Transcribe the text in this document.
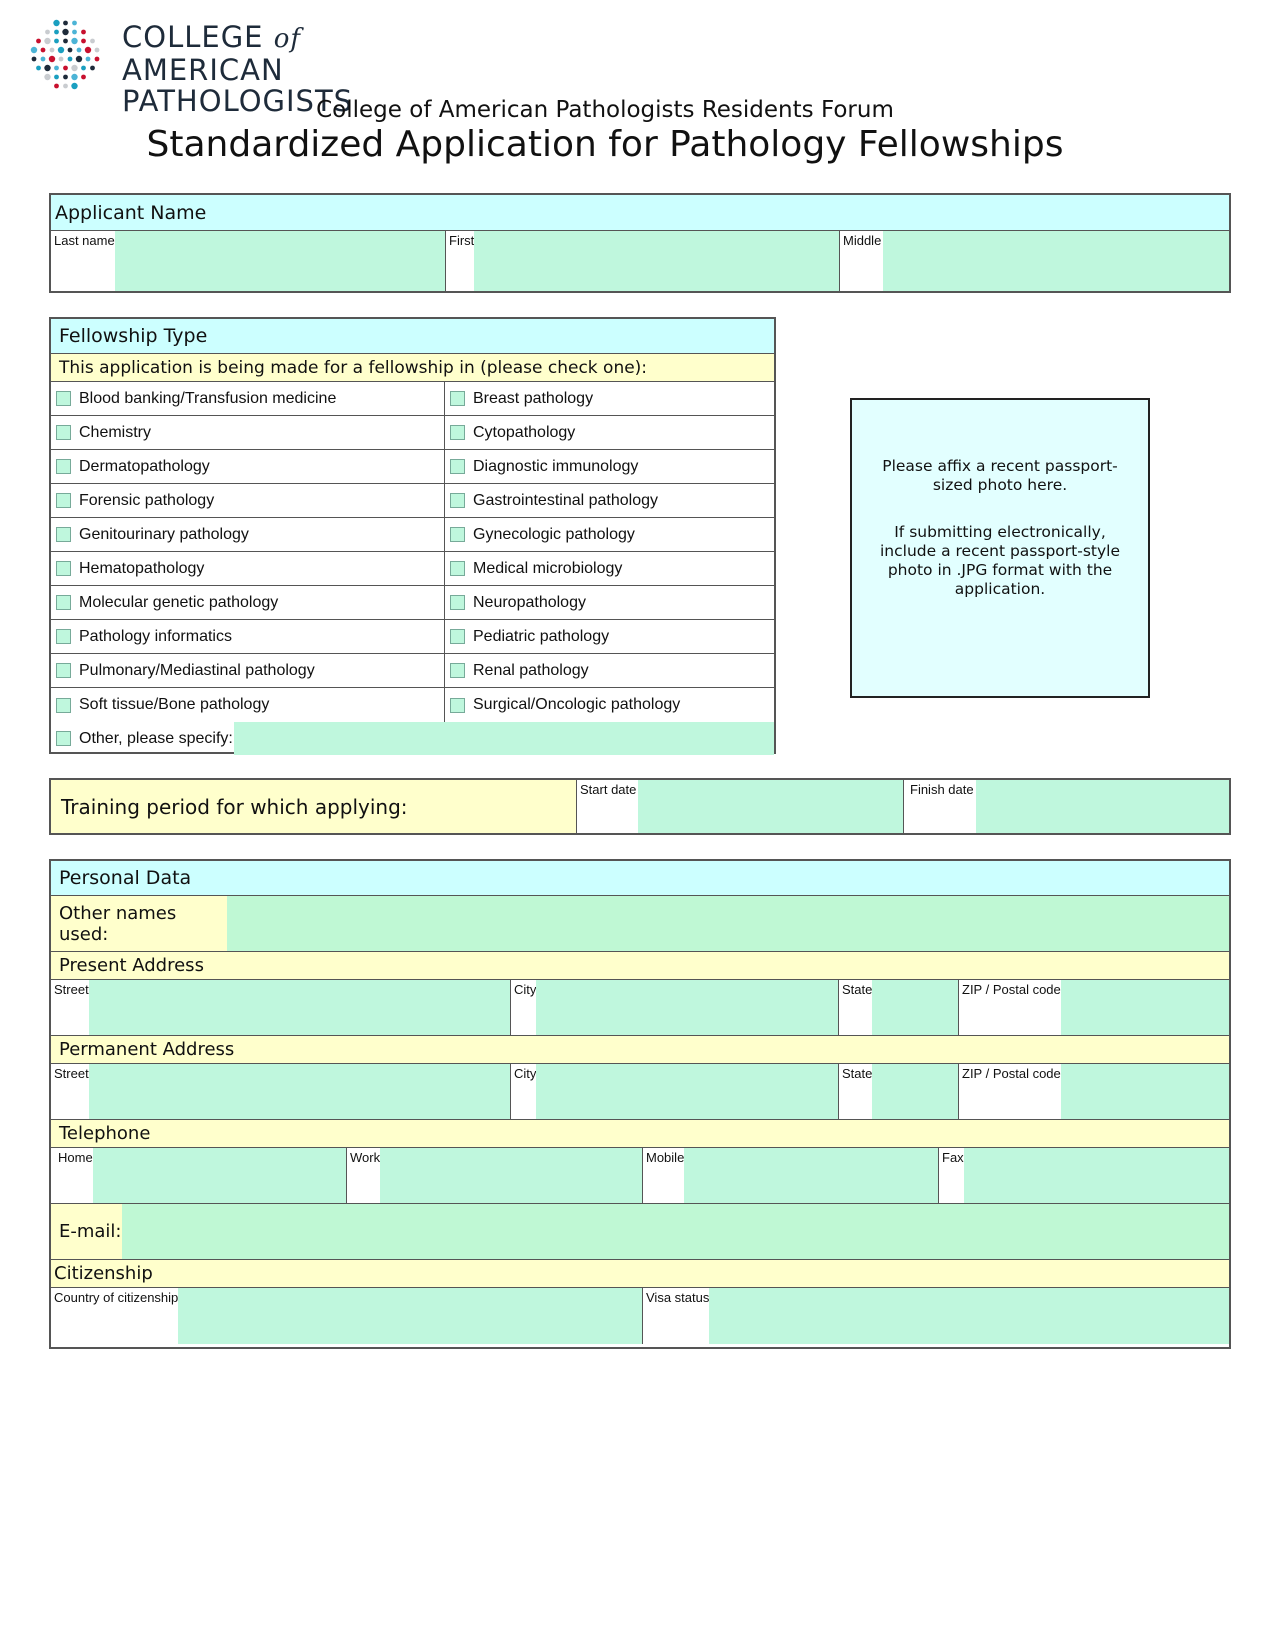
COLLEGE of AMERICAN
PATHOLOGISTS
College of American Pathologists Residents Forum
Standardized Application for Pathology Fellowships
Applicant Name
Last name	First	Middle
Fellowship Type
This application is being made for a fellowship in (please check one):
Blood banking/Transfusion medicine	Breast pathology
Chemistry	Cytopathology
Dermatopathology	Diagnostic immunology
Forensic pathology	Gastrointestinal pathology
Genitourinary pathology	Gynecologic pathology
Hematopathology	Medical microbiology
Molecular genetic pathology	Neuropathology
Pathology informatics	Pediatric pathology
Pulmonary/Mediastinal pathology	Renal pathology
Soft tissue/Bone pathology	Surgical/Oncologic pathology
Other, please specify:

Please affix a recent passport-sized photo here.

If submitting electronically, include a recent passport-style photo in .JPG format with the application.

Training period for which applying:
Start date	Finish date
Personal Data
Other names used:
Present Address
Street	City	State	ZIP / Postal code
Permanent Address
Street	City	State	ZIP / Postal code
Telephone
Home	Work	Mobile	Fax
E-mail:
Citizenship
Country of citizenship	Visa status
